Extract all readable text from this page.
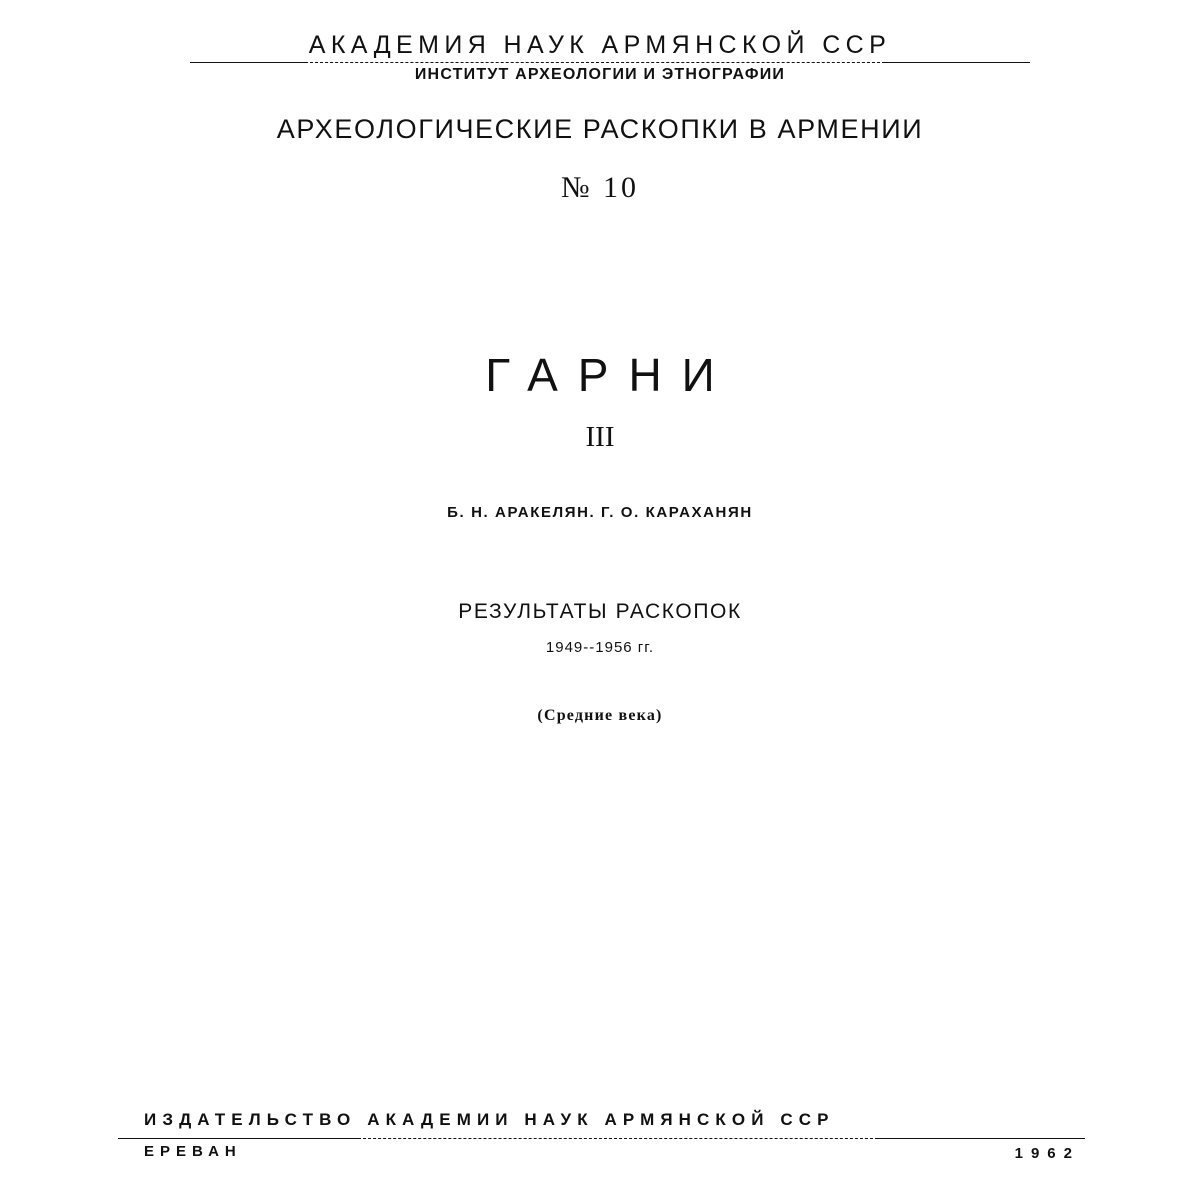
АКАДЕМИЯ НАУК АРМЯНСКОЙ ССР
ИНСТИТУТ АРХЕОЛОГИИ И ЭТНОГРАФИИ
АРХЕОЛОГИЧЕСКИЕ РАСКОПКИ В АРМЕНИИ
№ 10
ГАРНИ
III
Б. Н. АРАКЕЛЯН. Г. О. КАРАХАНЯН
РЕЗУЛЬТАТЫ РАСКОПОК
1949--1956 гг.
(Средние века)
ИЗДАТЕЛЬСТВО АКАДЕМИИ НАУК АРМЯНСКОЙ ССР
ЕРЕВАН	1962
